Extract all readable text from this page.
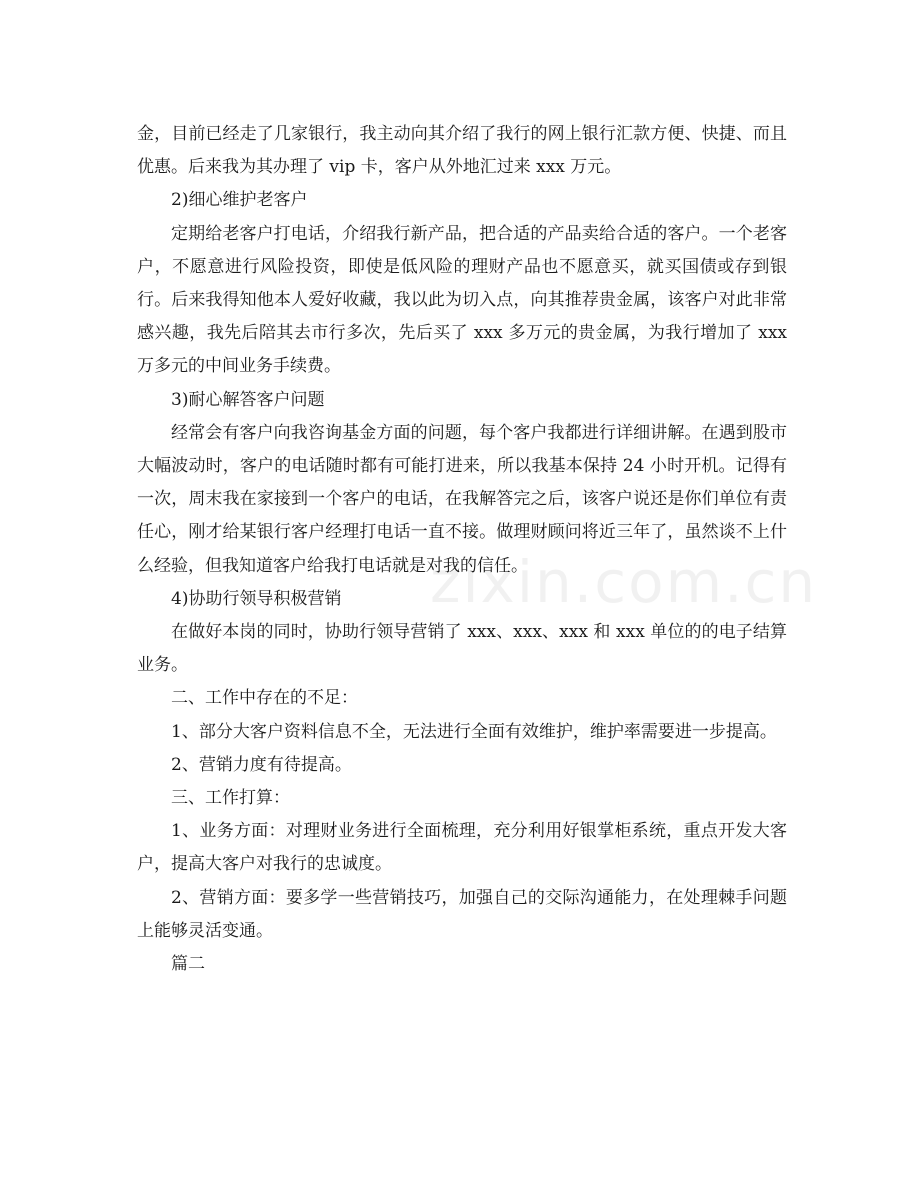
金，目前已经走了几家银行，我主动向其介绍了我行的网上银行汇款方便、快捷、而且优惠。后来我为其办理了 vip 卡，客户从外地汇过来 xxx 万元。

2)细心维护老客户

定期给老客户打电话，介绍我行新产品，把合适的产品卖给合适的客户。一个老客户，不愿意进行风险投资，即使是低风险的理财产品也不愿意买，就买国债或存到银行。后来我得知他本人爱好收藏，我以此为切入点，向其推荐贵金属，该客户对此非常感兴趣，我先后陪其去市行多次，先后买了 xxx 多万元的贵金属，为我行增加了 xxx 万多元的中间业务手续费。

3)耐心解答客户问题

经常会有客户向我咨询基金方面的问题，每个客户我都进行详细讲解。在遇到股市大幅波动时，客户的电话随时都有可能打进来，所以我基本保持 24 小时开机。记得有一次，周末我在家接到一个客户的电话，在我解答完之后，该客户说还是你们单位有责任心，刚才给某银行客户经理打电话一直不接。做理财顾问将近三年了，虽然谈不上什么经验，但我知道客户给我打电话就是对我的信任。

4)协助行领导积极营销

在做好本岗的同时，协助行领导营销了 xxx、xxx、xxx 和 xxx 单位的的电子结算业务。

二、工作中存在的不足：

1、部分大客户资料信息不全，无法进行全面有效维护，维护率需要进一步提高。

2、营销力度有待提高。

三、工作打算：

1、业务方面：对理财业务进行全面梳理，充分利用好银掌柜系统，重点开发大客户，提高大客户对我行的忠诚度。

2、营销方面：要多学一些营销技巧，加强自己的交际沟通能力，在处理棘手问题上能够灵活变通。

篇二

zixin.com.cn
